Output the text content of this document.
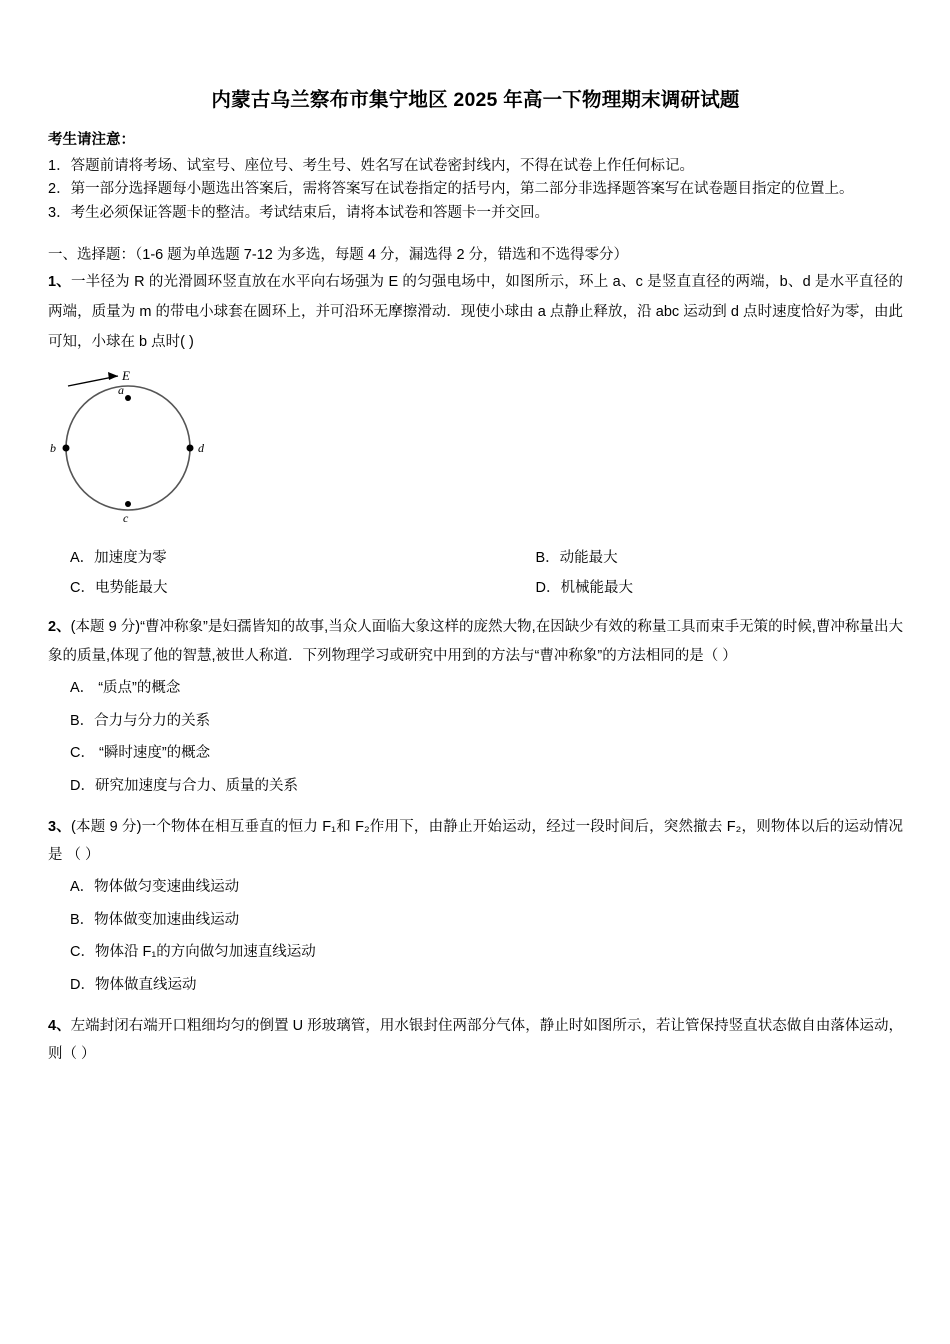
内蒙古乌兰察布市集宁地区 2025 年高一下物理期末调研试题
考生请注意：

1．答题前请将考场、试室号、座位号、考生号、姓名写在试卷密封线内，不得在试卷上作任何标记。

2．第一部分选择题每小题选出答案后，需将答案写在试卷指定的括号内，第二部分非选择题答案写在试卷题目指定的位置上。

3．考生必须保证答题卡的整洁。考试结束后，请将本试卷和答题卡一并交回。

一、选择题：（1-6 题为单选题 7-12 为多选，每题 4 分，漏选得 2 分，错选和不选得零分）

1、一半径为 R 的光滑圆环竖直放在水平向右场强为 E 的匀强电场中，如图所示，环上 a、c 是竖直直径的两端，b、d 是水平直径的两端，质量为 m 的带电小球套在圆环上，并可沿环无摩擦滑动．现使小球由 a 点静止释放，沿 abc 运动到 d 点时速度恰好为零，由此可知，小球在 b 点时( )

E
a
b	d
c
A．加速度为零	B．动能最大
C．电势能最大	D．机械能最大

2、(本题 9 分)“曹冲称象”是妇孺皆知的故事,当众人面临大象这样的庞然大物,在因缺少有效的称量工具而束手无策的时候,曹冲称量出大象的质量,体现了他的智慧,被世人称道．下列物理学习或研究中用到的方法与“曹冲称象”的方法相同的是（ ）

A． “质点”的概念
B．合力与分力的关系
C． “瞬时速度”的概念
D．研究加速度与合力、质量的关系

3、(本题 9 分)一个物体在相互垂直的恒力 F₁和 F₂作用下，由静止开始运动，经过一段时间后，突然撤去 F₂，则物体以后的运动情况是 （ ）

A．物体做匀变速曲线运动
B．物体做变加速曲线运动
C．物体沿 F₁的方向做匀加速直线运动
D．物体做直线运动

4、左端封闭右端开口粗细均匀的倒置 U 形玻璃管，用水银封住两部分气体，静止时如图所示，若让管保持竖直状态做自由落体运动，则（ ）
